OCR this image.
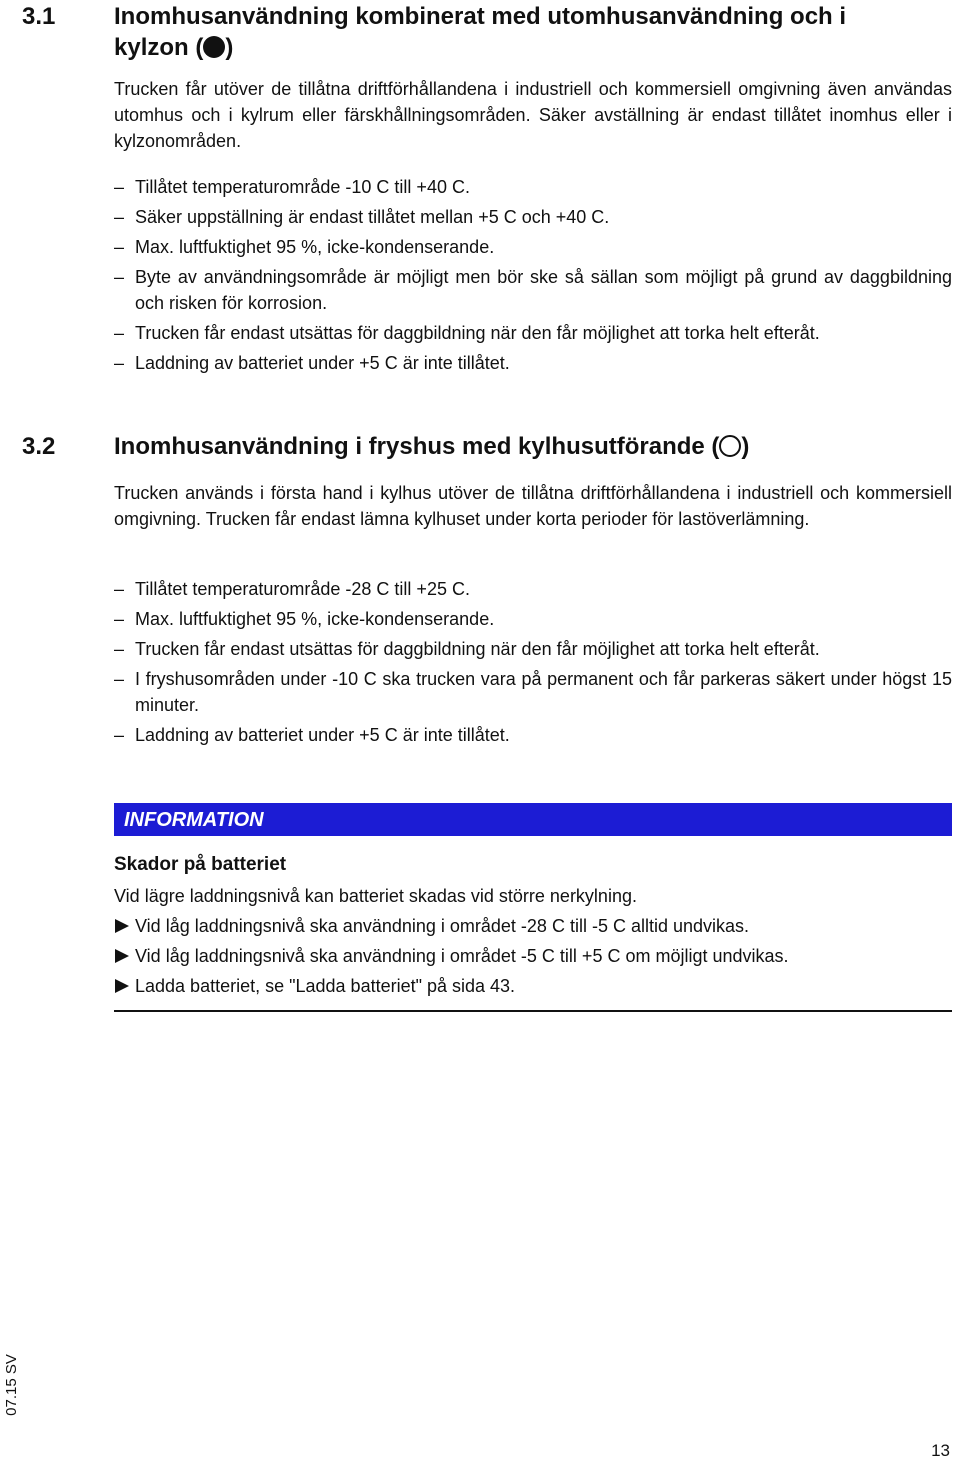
3.1 Inomhusanvändning kombinerat med utomhusanvändning och i
kylzon ( )

Trucken får utöver de tillåtna driftförhållandena i industriell och kommersiell omgivning även användas utomhus och i kylrum eller färskhållningsområden. Säker avställning är endast tillåtet inomhus eller i kylzonområden.

– Tillåtet temperaturområde -10 C till +40 C.
– Säker uppställning är endast tillåtet mellan +5 C och +40 C.
– Max. luftfuktighet 95 %, icke-kondenserande.
– Byte av användningsområde är möjligt men bör ske så sällan som möjligt på grund av daggbildning och risken för korrosion.
– Trucken får endast utsättas för daggbildning när den får möjlighet att torka helt efteråt.
– Laddning av batteriet under +5 C är inte tillåtet.
3.2 Inomhusanvändning i fryshus med kylhusutförande ( )

Trucken används i första hand i kylhus utöver de tillåtna driftförhållandena i industriell och kommersiell omgivning. Trucken får endast lämna kylhuset under korta perioder för lastöverlämning.

– Tillåtet temperaturområde -28 C till +25 C.
– Max. luftfuktighet 95 %, icke-kondenserande.
– Trucken får endast utsättas för daggbildning när den får möjlighet att torka helt efteråt.
– I fryshusområden under -10 C ska trucken vara på permanent och får parkeras säkert under högst 15 minuter.
– Laddning av batteriet under +5 C är inte tillåtet.
INFORMATION
Skador på batteriet
Vid lägre laddningsnivå kan batteriet skadas vid större nerkylning.
Vid låg laddningsnivå ska användning i området -28 C till -5 C alltid undvikas.
Vid låg laddningsnivå ska användning i området -5 C till +5 C om möjligt undvikas.
Ladda batteriet, se "Ladda batteriet" på sida 43.
07.15 SV
13
